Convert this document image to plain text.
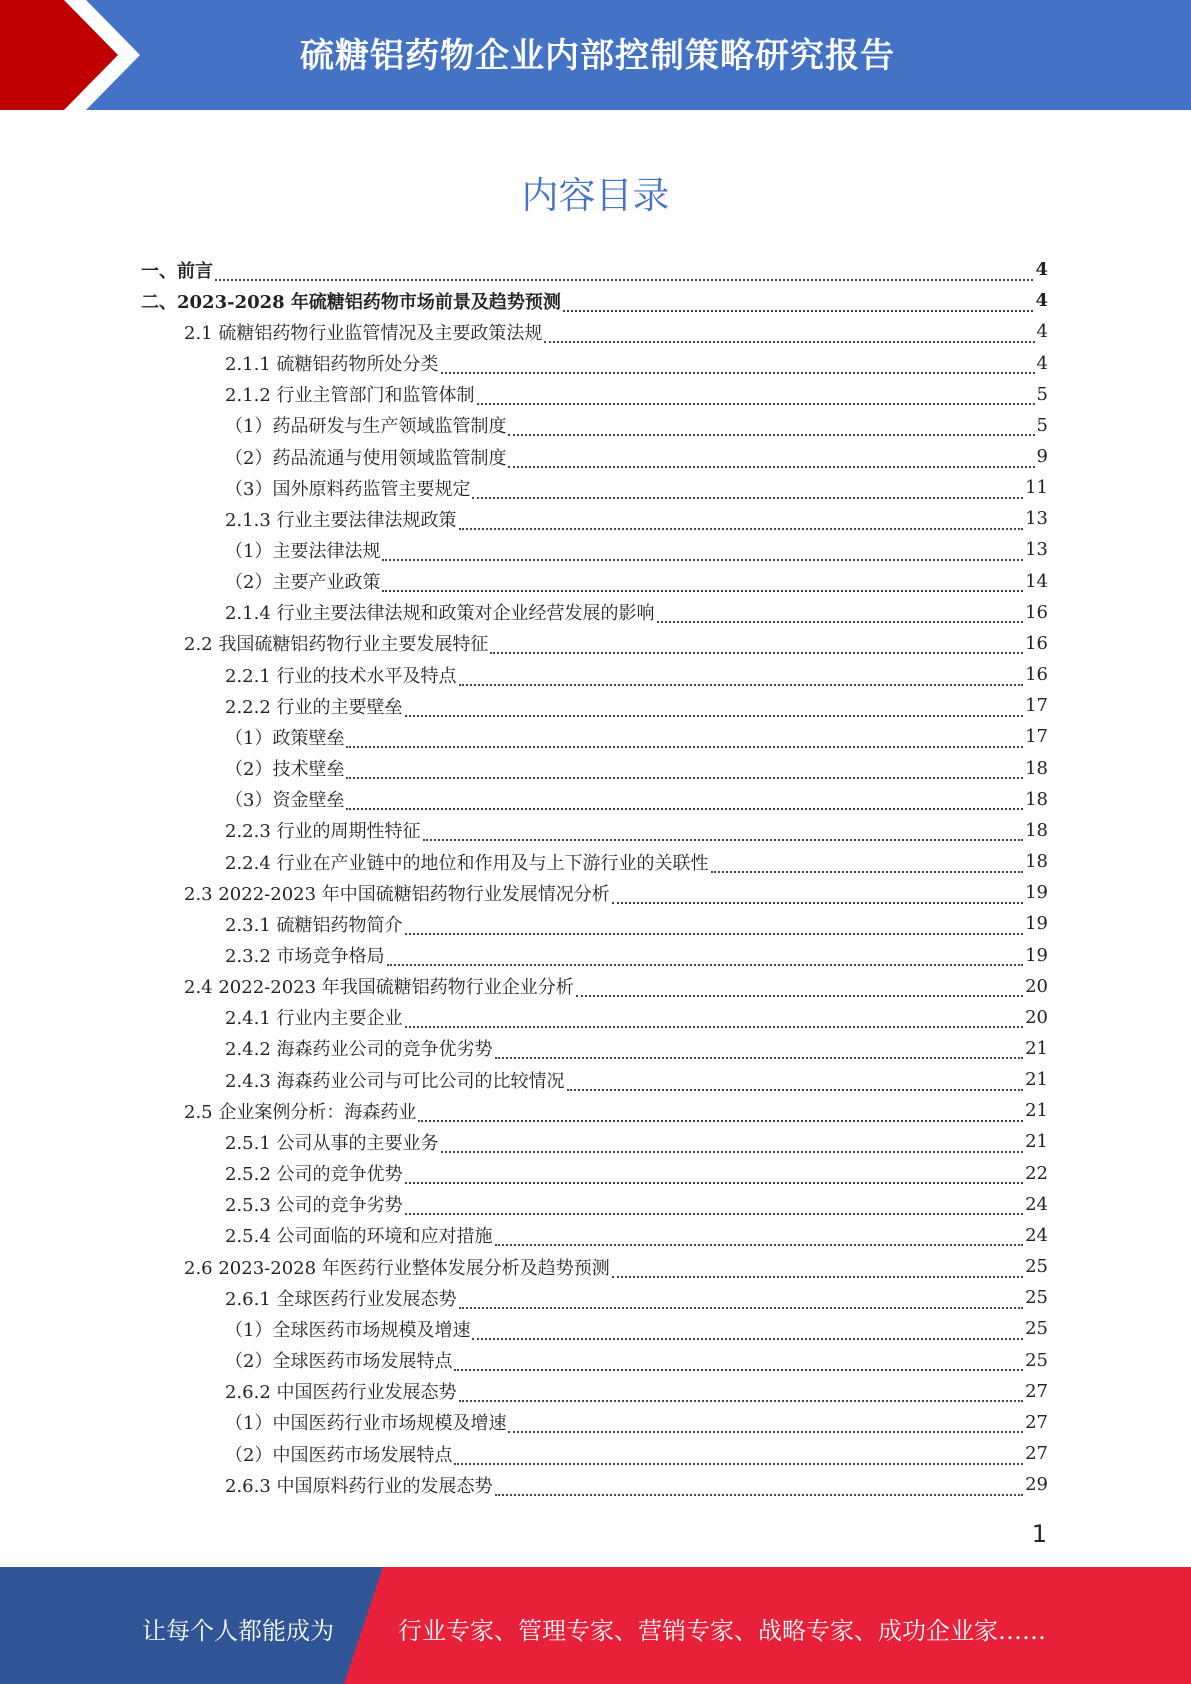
硫糖铝药物企业内部控制策略研究报告
内容目录
一、前言	4
二、2023-2028 年硫糖铝药物市场前景及趋势预测	4
2.1 硫糖铝药物行业监管情况及主要政策法规	4
2.1.1 硫糖铝药物所处分类	4
2.1.2 行业主管部门和监管体制	5
（1）药品研发与生产领域监管制度	5
（2）药品流通与使用领域监管制度	9
（3）国外原料药监管主要规定	11
2.1.3 行业主要法律法规政策	13
（1）主要法律法规	13
（2）主要产业政策	14
2.1.4 行业主要法律法规和政策对企业经营发展的影响	16
2.2 我国硫糖铝药物行业主要发展特征	16
2.2.1 行业的技术水平及特点	16
2.2.2 行业的主要壁垒	17
（1）政策壁垒	17
（2）技术壁垒	18
（3）资金壁垒	18
2.2.3 行业的周期性特征	18
2.2.4 行业在产业链中的地位和作用及与上下游行业的关联性	18
2.3 2022-2023 年中国硫糖铝药物行业发展情况分析	19
2.3.1 硫糖铝药物简介	19
2.3.2 市场竞争格局	19
2.4 2022-2023 年我国硫糖铝药物行业企业分析	20
2.4.1 行业内主要企业	20
2.4.2 海森药业公司的竞争优劣势	21
2.4.3 海森药业公司与可比公司的比较情况	21
2.5 企业案例分析：海森药业	21
2.5.1 公司从事的主要业务	21
2.5.2 公司的竞争优势	22
2.5.3 公司的竞争劣势	24
2.5.4 公司面临的环境和应对措施	24
2.6 2023-2028 年医药行业整体发展分析及趋势预测	25
2.6.1 全球医药行业发展态势	25
（1）全球医药市场规模及增速	25
（2）全球医药市场发展特点	25
2.6.2 中国医药行业发展态势	27
（1）中国医药行业市场规模及增速	27
（2）中国医药市场发展特点	27
2.6.3 中国原料药行业的发展态势	29
1
让每个人都能成为	行业专家、管理专家、营销专家、战略专家、成功企业家……
